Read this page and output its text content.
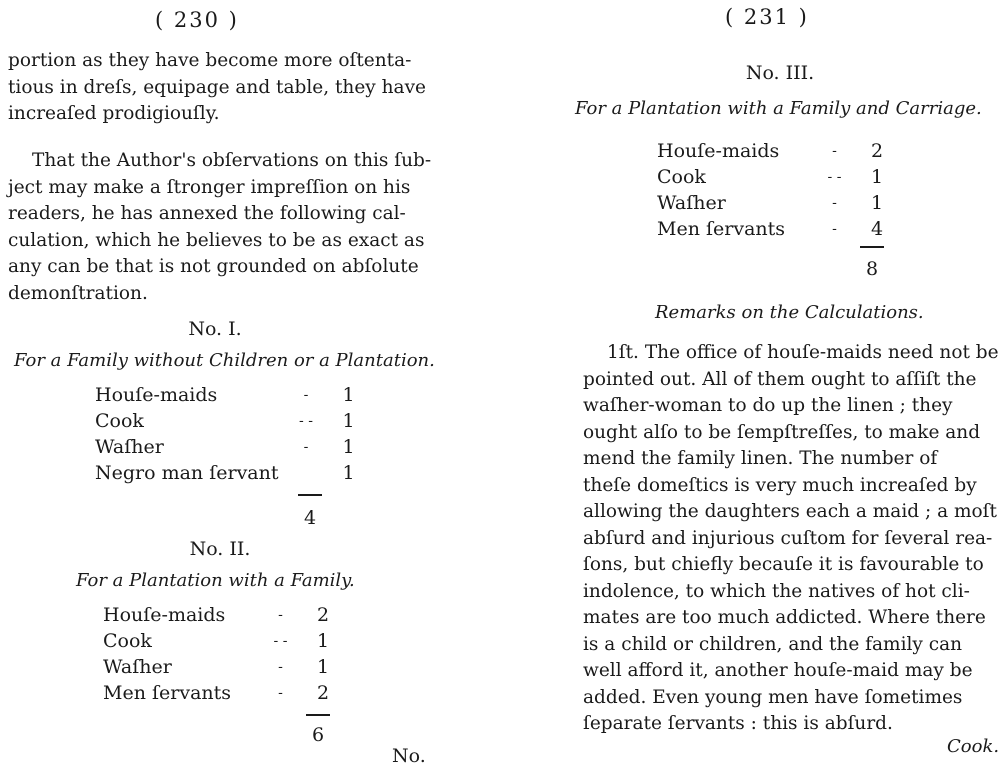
( 230 )
portion as they have become more oſtenta-
tious in dreſs, equipage and table, they have
increaſed prodigiouſly.
That the Author's obſervations on this ſub-
ject may make a ſtronger impreſſion on his
readers, he has annexed the following cal-
culation, which he believes to be as exact as
any can be that is not grounded on abſolute
demonſtration.
No. I.
For a Family without Children or a Plantation.
Houſe-maids	-	1
Cook	- -	1
Waſher	-	1
Negro man ſervant		1
4
No. II.
For a Plantation with a Family.
Houſe-maids	-	2
Cook	- -	1
Waſher	-	1
Men ſervants	-	2
6
No.
( 231 )
No. III.
For a Plantation with a Family and Carriage.
Houſe-maids	-	2
Cook	- -	1
Waſher	-	1
Men ſervants	-	4
8
Remarks on the Calculations.
1ſt. The office of houſe-maids need not be
pointed out. All of them ought to aſſiſt the
waſher-woman to do up the linen ; they
ought alſo to be ſempſtreſſes, to make and
mend the family linen. The number of
theſe domeſtics is very much increaſed by
allowing the daughters each a maid ; a moſt
abſurd and injurious cuſtom for ſeveral rea-
ſons, but chiefly becauſe it is favourable to
indolence, to which the natives of hot cli-
mates are too much addicted. Where there
is a child or children, and the family can
well afford it, another houſe-maid may be
added. Even young men have ſometimes
ſeparate ſervants : this is abſurd.
Cook.
